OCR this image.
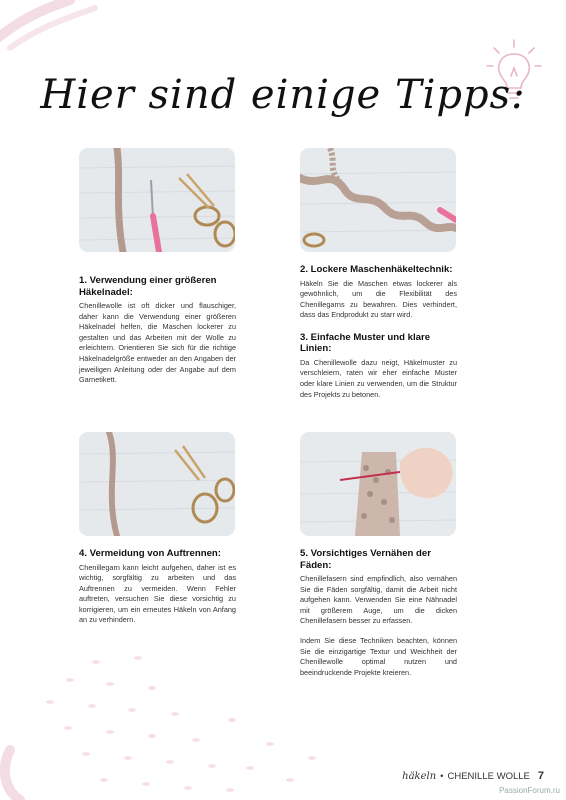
Hier sind einige Tipps:
1. Verwendung einer größeren Häkelnadel:

Chenillewolle ist oft dicker und flauschiger, daher kann die Verwendung einer größeren Häkelnadel helfen, die Maschen lockerer zu gestalten und das Arbeiten mit der Wolle zu erleichtern. Orientieren Sie sich für die richtige Häkelnadelgröße entweder an den Angaben der jeweiligen Anleitung oder der Angabe auf dem Garnetikett.

2. Lockere Maschenhäkeltechnik:

Häkeln Sie die Maschen etwas lockerer als gewöhnlich, um die Flexibilität des Chenillegarns zu bewahren. Dies verhindert, dass das Endprodukt zu starr wird.

3. Einfache Muster und klare Linien:

Da Chenillewolle dazu neigt, Häkelmuster zu verschleiern, raten wir eher einfache Muster oder klare Linien zu verwenden, um die Struktur des Projekts zu betonen.

4. Vermeidung von Auftrennen:

Chenillegarn kann leicht aufgehen, daher ist es wichtig, sorgfältig zu arbeiten und das Auftrennen zu vermeiden. Wenn Fehler auftreten, versuchen Sie diese vorsichtig zu korrigieren, um ein erneutes Häkeln von Anfang an zu verhindern.

5. Vorsichtiges Vernähen der Fäden:

Chenillefasern sind empfindlich, also vernähen Sie die Fäden sorgfältig, damit die Arbeit nicht aufgehen kann. Verwenden Sie eine Nähnadel mit größerem Auge, um die dicken Chenillefasern besser zu erfassen.

Indem Sie diese Techniken beachten, können Sie die einzigartige Textur und Weichheit der Chenillewolle optimal nutzen und beeindruckende Projekte kreieren.

häkeln • CHENILLE WOLLE 7
PassionForum.ru
